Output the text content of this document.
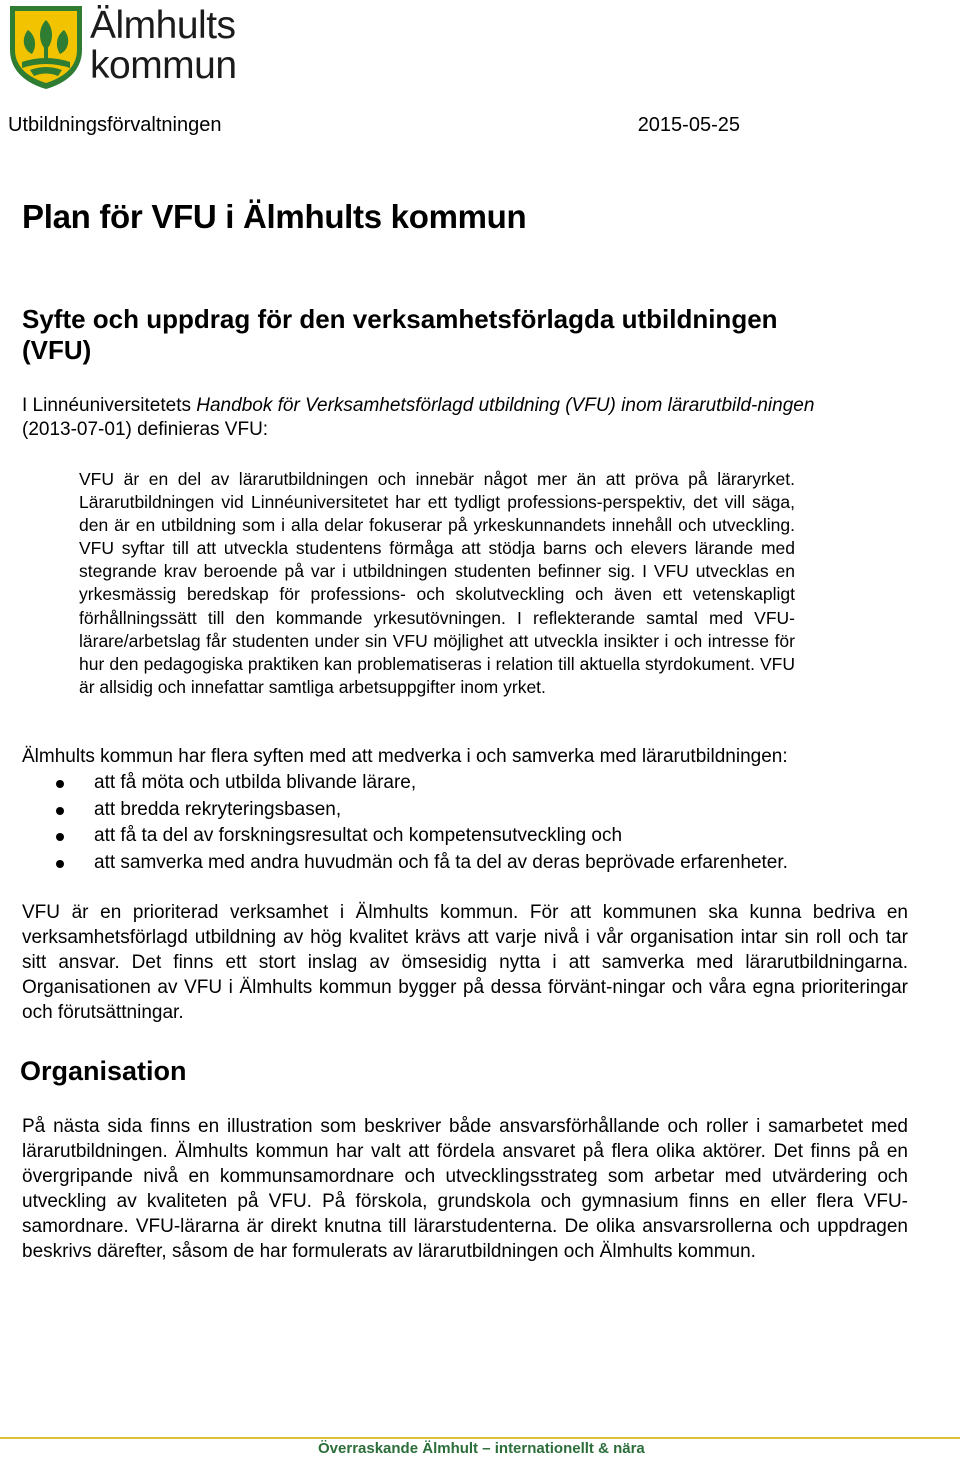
Älmhults
kommun
Utbildningsförvaltningen	2015-05-25
Plan för VFU i Älmhults kommun
Syfte och uppdrag för den verksamhetsförlagda utbildningen (VFU)

I Linnéuniversitetets Handbok för Verksamhetsförlagd utbildning (VFU) inom lärarutbild-ningen (2013-07-01) definieras VFU:

VFU är en del av lärarutbildningen och innebär något mer än att pröva på läraryrket. Lärarutbildningen vid Linnéuniversitetet har ett tydligt professions-perspektiv, det vill säga, den är en utbildning som i alla delar fokuserar på yrkeskunnandets innehåll och utveckling. VFU syftar till att utveckla studentens förmåga att stödja barns och elevers lärande med stegrande krav beroende på var i utbildningen studenten befinner sig. I VFU utvecklas en yrkesmässig beredskap för professions- och skolutveckling och även ett vetenskapligt förhållningssätt till den kommande yrkesutövningen. I reflekterande samtal med VFU-lärare/arbetslag får studenten under sin VFU möjlighet att utveckla insikter i och intresse för hur den pedagogiska praktiken kan problematiseras i relation till aktuella styrdokument. VFU är allsidig och innefattar samtliga arbetsuppgifter inom yrket.

Älmhults kommun har flera syften med att medverka i och samverka med lärarutbildningen:

att få möta och utbilda blivande lärare,
att bredda rekryteringsbasen,
att få ta del av forskningsresultat och kompetensutveckling och
att samverka med andra huvudmän och få ta del av deras beprövade erfarenheter.

VFU är en prioriterad verksamhet i Älmhults kommun. För att kommunen ska kunna bedriva en verksamhetsförlagd utbildning av hög kvalitet krävs att varje nivå i vår organisation intar sin roll och tar sitt ansvar. Det finns ett stort inslag av ömsesidig nytta i att samverka med lärarutbildningarna. Organisationen av VFU i Älmhults kommun bygger på dessa förvänt-ningar och våra egna prioriteringar och förutsättningar.

Organisation

På nästa sida finns en illustration som beskriver både ansvarsförhållande och roller i samarbetet med lärarutbildningen. Älmhults kommun har valt att fördela ansvaret på flera olika aktörer. Det finns på en övergripande nivå en kommunsamordnare och utvecklingsstrateg som arbetar med utvärdering och utveckling av kvaliteten på VFU. På förskola, grundskola och gymnasium finns en eller flera VFU-samordnare. VFU-lärarna är direkt knutna till lärarstudenterna. De olika ansvarsrollerna och uppdragen beskrivs därefter, såsom de har formulerats av lärarutbildningen och Älmhults kommun.

Överraskande Älmhult – internationellt & nära
